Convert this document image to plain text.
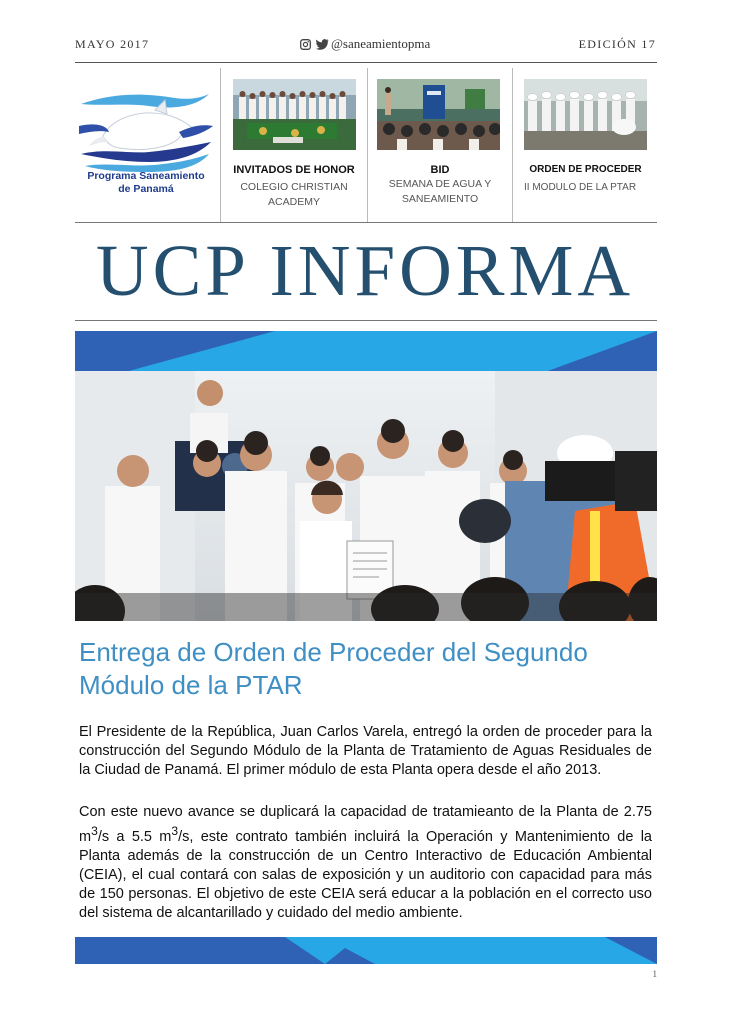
MAYO 2017	@saneamientopma	EDICIÓN 17
Programa Saneamiento
de Panamá
INVITADOS DE HONOR
COLEGIO CHRISTIAN
ACADEMY
BID
SEMANA DE AGUA Y
SANEAMIENTO
ORDEN DE PROCEDER
II MODULO DE LA PTAR
UCP INFORMA
Entrega de Orden de Proceder del Segundo
Módulo de la PTAR
El Presidente de la República, Juan Carlos Varela, entregó la orden de proceder para la construcción del Segundo Módulo de la Planta de Tratamiento de Aguas Residuales de la Ciudad de Panamá. El primer módulo de esta Planta opera desde el año 2013.
Con este nuevo avance se duplicará la capacidad de tratamieanto de la Planta de 2.75 $m^3/s$ a 5.5 $m^3/s$, este contrato también incluirá la Operación y Mantenimiento de la Planta además de la construcción de un Centro Interactivo de Educación Ambiental (CEIA), el cual contará con salas de exposición y un auditorio con capacidad para más de 150 personas. El objetivo de este CEIA será educar a la población en el correcto uso del sistema de alcantarillado y cuidado del medio ambiente.
1
